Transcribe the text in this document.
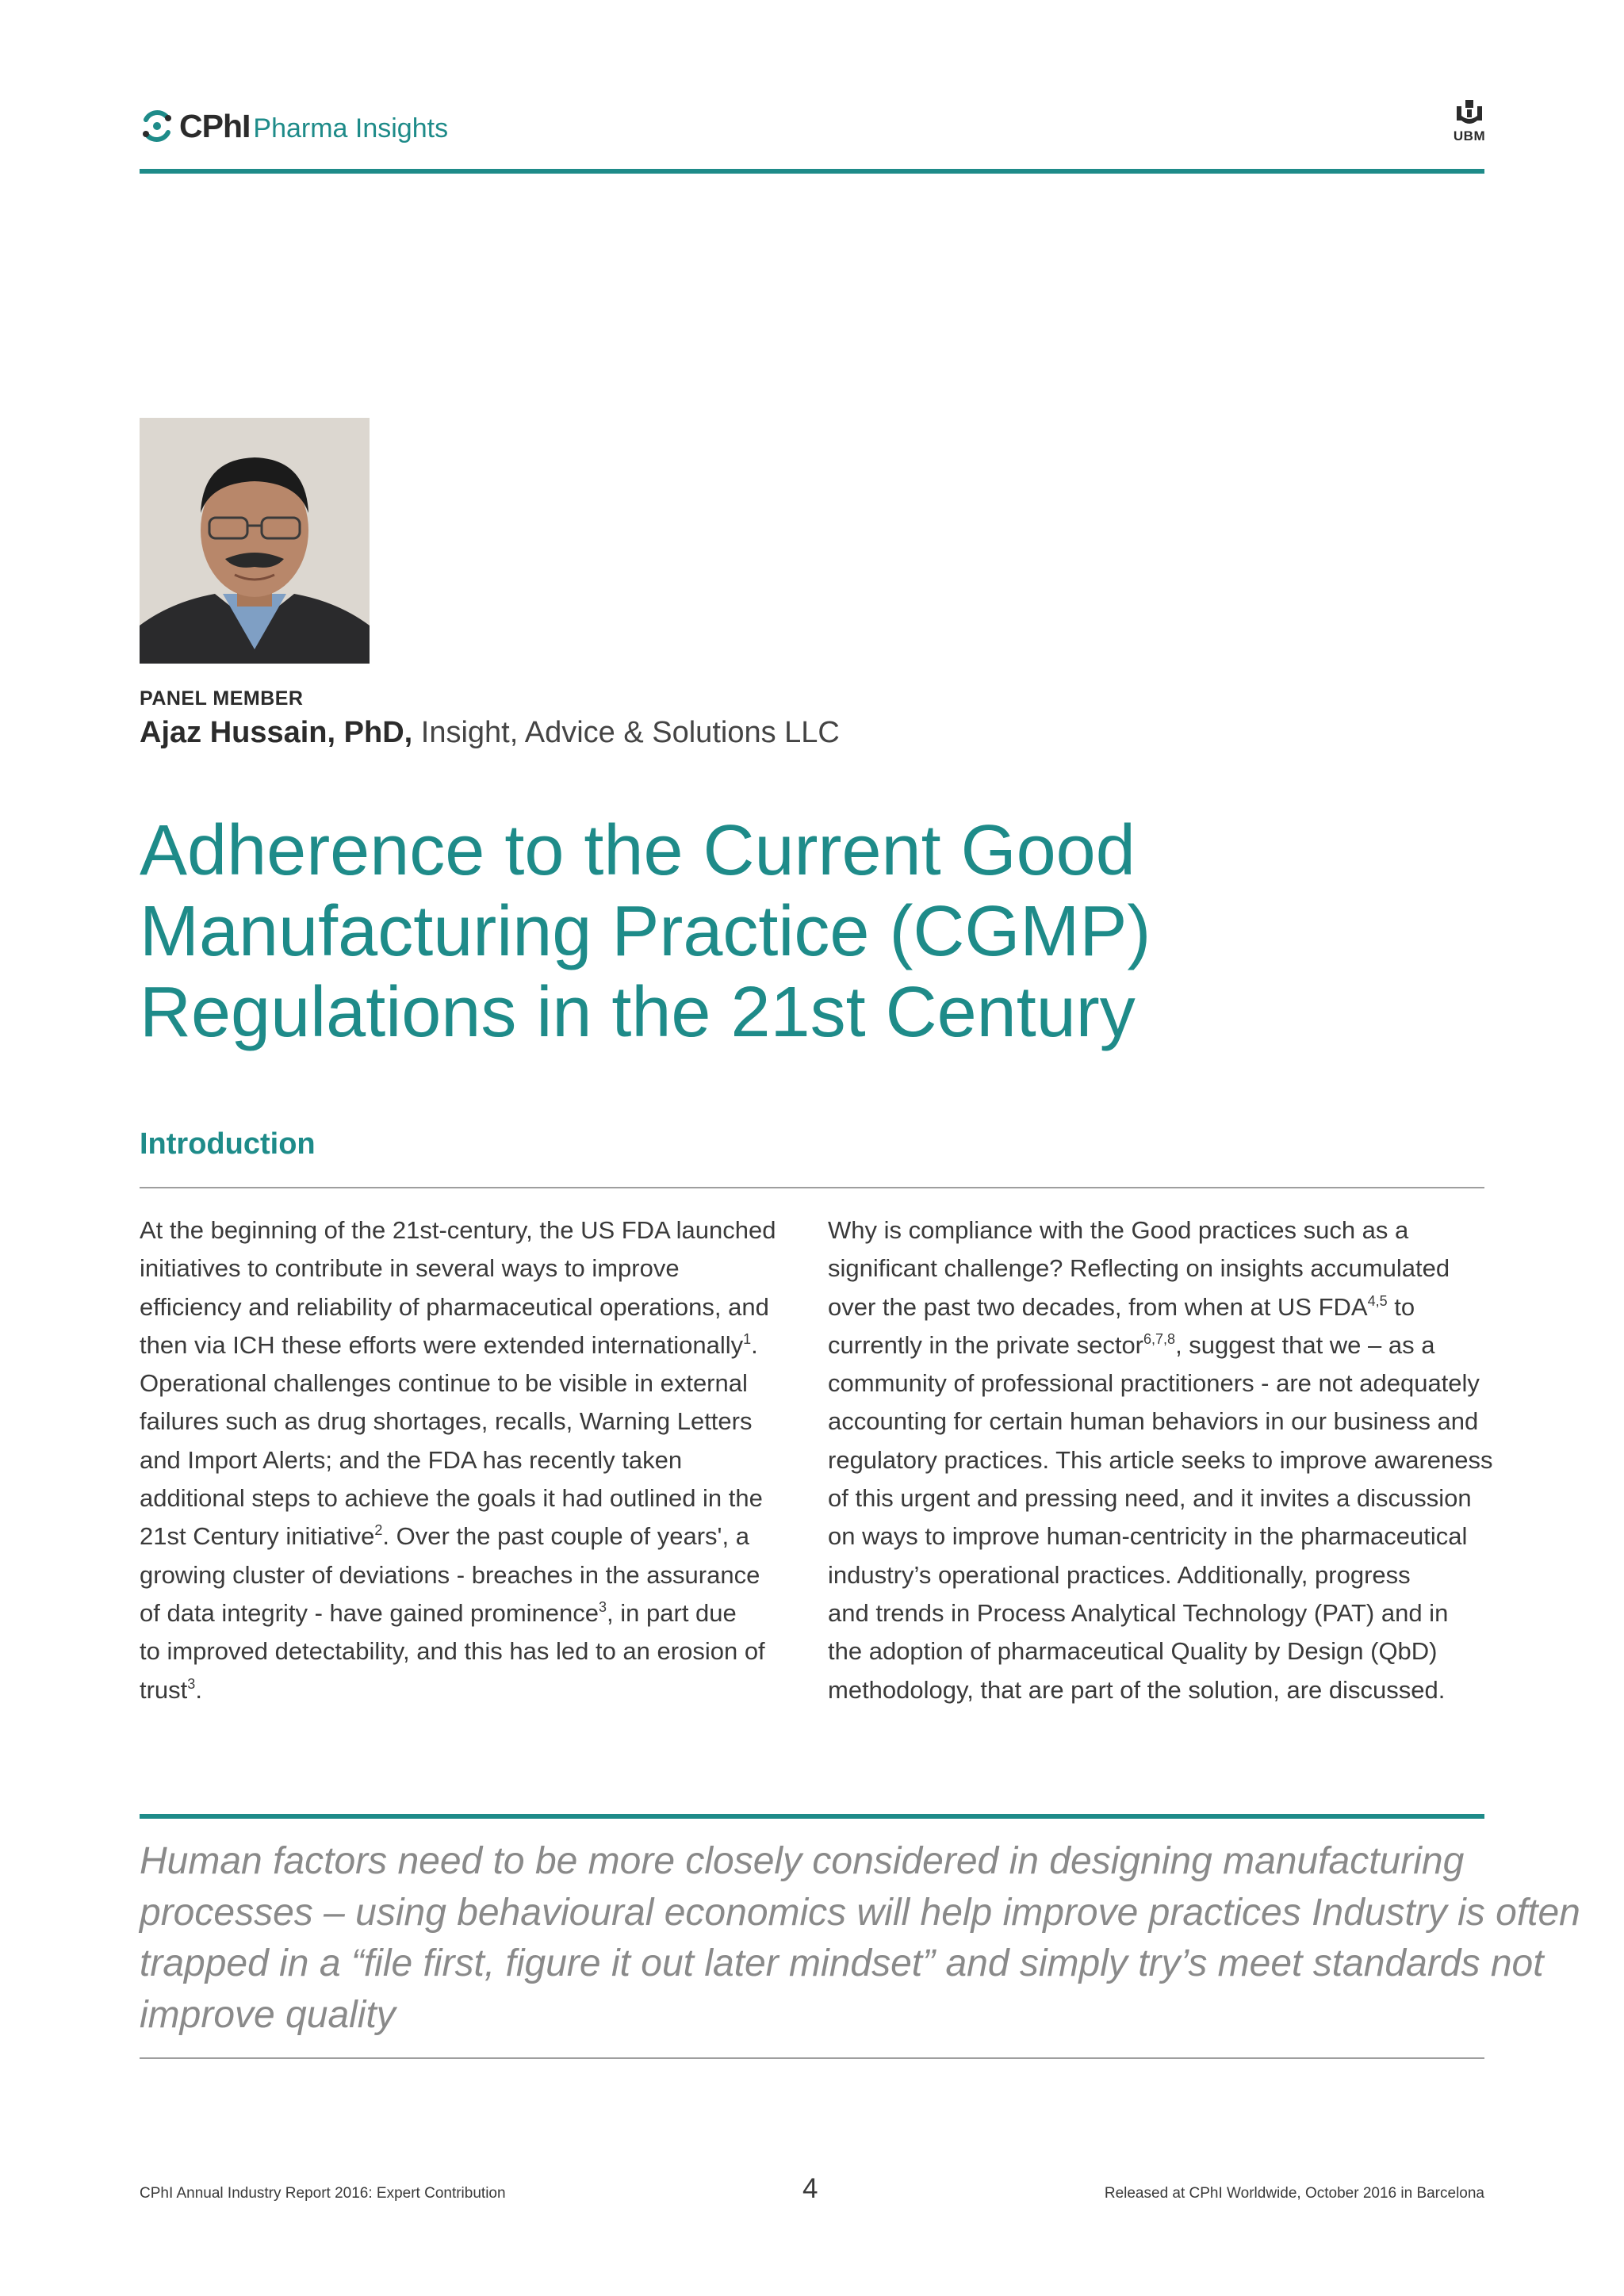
CPhI Pharma Insights	UBM
PANEL MEMBER
Ajaz Hussain, PhD, Insight, Advice & Solutions LLC
Adherence to the Current Good
Manufacturing Practice (CGMP)
Regulations in the 21st Century
Introduction

At the beginning of the 21st-century, the US FDA launched
initiatives to contribute in several ways to improve
efficiency and reliability of pharmaceutical operations, and
then via ICH these efforts were extended internationally$^1$.
Operational challenges continue to be visible in external
failures such as drug shortages, recalls, Warning Letters
and Import Alerts; and the FDA has recently taken
additional steps to achieve the goals it had outlined in the
21st Century initiative$^2$. Over the past couple of years', a
growing cluster of deviations - breaches in the assurance
of data integrity - have gained prominence$^3$, in part due
to improved detectability, and this has led to an erosion of
trust$^3$.

Why is compliance with the Good practices such as a
significant challenge? Reflecting on insights accumulated
over the past two decades, from when at US FDA$^{4,5}$ to
currently in the private sector$^{6,7,8}$, suggest that we – as a
community of professional practitioners - are not adequately
accounting for certain human behaviors in our business and
regulatory practices. This article seeks to improve awareness
of this urgent and pressing need, and it invites a discussion
on ways to improve human-centricity in the pharmaceutical
industry’s operational practices. Additionally, progress
and trends in Process Analytical Technology (PAT) and in
the adoption of pharmaceutical Quality by Design (QbD)
methodology, that are part of the solution, are discussed.

Human factors need to be more closely considered in designing manufacturing
processes – using behavioural economics will help improve practices Industry is often
trapped in a “file first, figure it out later mindset” and simply try’s meet standards not
improve quality
CPhI Annual Industry Report 2016: Expert Contribution	4	Released at CPhI Worldwide, October 2016 in Barcelona
